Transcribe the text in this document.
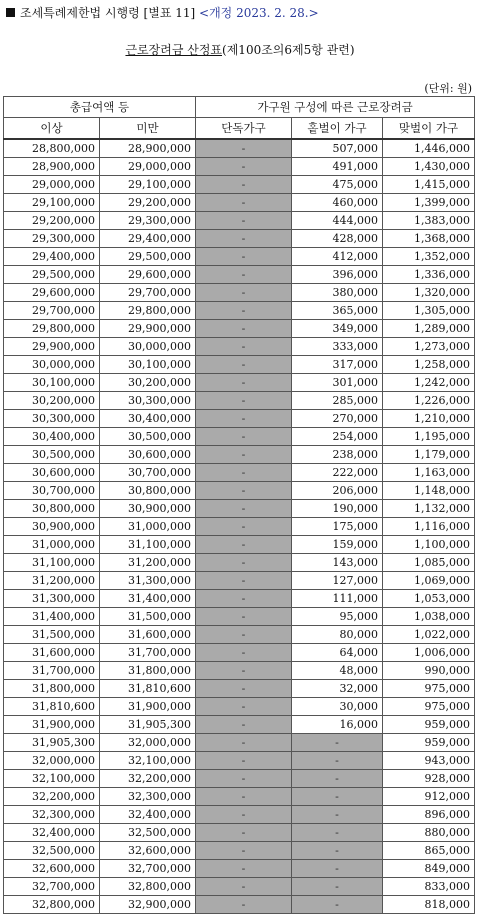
조세특례제한법 시행령 [별표 11] <개정 2023. 2. 28.>
근로장려금 산정표(제100조의6제5항 관련)
(단위: 원)
총급여액 등		가구원 구성에 따른 근로장려금		
이상	미만	단독가구	홑벌이 가구	맞벌이 가구
28,800,000	28,900,000	-	507,000	1,446,000
28,900,000	29,000,000	-	491,000	1,430,000
29,000,000	29,100,000	-	475,000	1,415,000
29,100,000	29,200,000	-	460,000	1,399,000
29,200,000	29,300,000	-	444,000	1,383,000
29,300,000	29,400,000	-	428,000	1,368,000
29,400,000	29,500,000	-	412,000	1,352,000
29,500,000	29,600,000	-	396,000	1,336,000
29,600,000	29,700,000	-	380,000	1,320,000
29,700,000	29,800,000	-	365,000	1,305,000
29,800,000	29,900,000	-	349,000	1,289,000
29,900,000	30,000,000	-	333,000	1,273,000
30,000,000	30,100,000	-	317,000	1,258,000
30,100,000	30,200,000	-	301,000	1,242,000
30,200,000	30,300,000	-	285,000	1,226,000
30,300,000	30,400,000	-	270,000	1,210,000
30,400,000	30,500,000	-	254,000	1,195,000
30,500,000	30,600,000	-	238,000	1,179,000
30,600,000	30,700,000	-	222,000	1,163,000
30,700,000	30,800,000	-	206,000	1,148,000
30,800,000	30,900,000	-	190,000	1,132,000
30,900,000	31,000,000	-	175,000	1,116,000
31,000,000	31,100,000	-	159,000	1,100,000
31,100,000	31,200,000	-	143,000	1,085,000
31,200,000	31,300,000	-	127,000	1,069,000
31,300,000	31,400,000	-	111,000	1,053,000
31,400,000	31,500,000	-	95,000	1,038,000
31,500,000	31,600,000	-	80,000	1,022,000
31,600,000	31,700,000	-	64,000	1,006,000
31,700,000	31,800,000	-	48,000	990,000
31,800,000	31,810,600	-	32,000	975,000
31,810,600	31,900,000	-	30,000	975,000
31,900,000	31,905,300	-	16,000	959,000
31,905,300	32,000,000	-	-	959,000
32,000,000	32,100,000	-	-	943,000
32,100,000	32,200,000	-	-	928,000
32,200,000	32,300,000	-	-	912,000
32,300,000	32,400,000	-	-	896,000
32,400,000	32,500,000	-	-	880,000
32,500,000	32,600,000	-	-	865,000
32,600,000	32,700,000	-	-	849,000
32,700,000	32,800,000	-	-	833,000
32,800,000	32,900,000	-	-	818,000
